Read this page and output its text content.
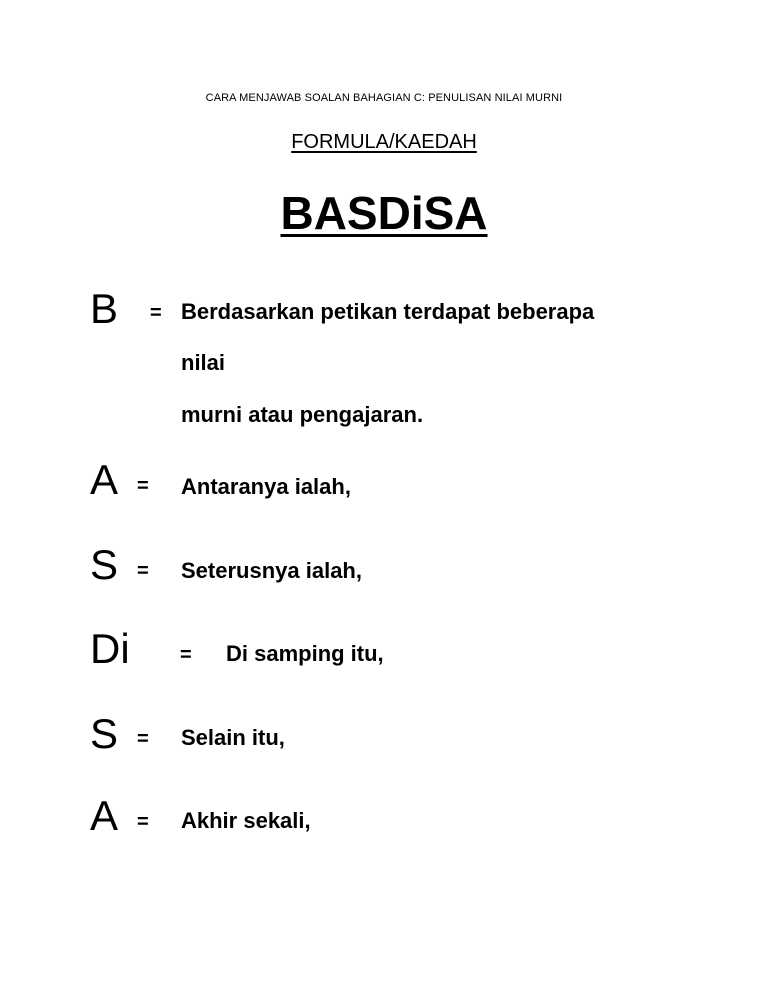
CARA MENJAWAB SOALAN BAHAGIAN C: PENULISAN NILAI MURNI

FORMULA/KAEDAH

BASDiSA

B = Berdasarkan petikan terdapat beberapa
nilai
murni atau pengajaran.
A = Antaranya ialah,
S = Seterusnya ialah,
Di	= Di samping itu,
S = Selain itu,
A = Akhir sekali,
